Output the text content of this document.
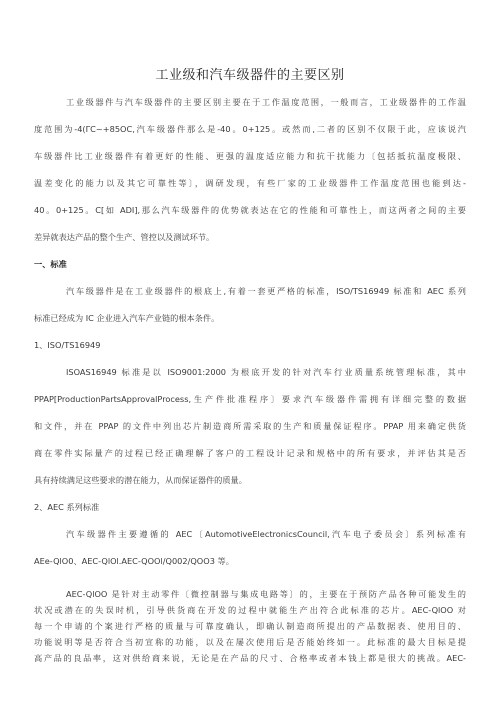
工业级和汽车级器件的主要区别
工业级器件与汽车级器件的主要区别主要在于工作温度范围，一般而言，工业级器件的工作温
度范围为-4(ΓC~+85OC,汽车级器件那么是-40。0+125。或然而,二者的区别不仅限于此，应该说汽
车级器件比工业级器件有着更好的性能、更强的温度适应能力和抗干扰能力〔包括抵抗温度极限、
温差变化的能力以及其它可靠性等〕，调研发现，有些厂家的工业级器件工作温度范围也能到达-
40。0+125。C[如 ADI],那么汽车级器件的优势就表达在它的性能和可靠性上，而这两者之间的主要
差异就表达产品的整个生产、管控以及测试环节。
一、标准
汽车级器件是在工业级器件的根底上,有着一套更严格的标准，ISO/TS16949 标准和 AEC 系列
标准已经成为 IC 企业进入汽车产业链的根本条件。
1、ISO/TS16949
ISOAS16949 标准是以 ISO9001:2000 为根底开发的针对汽车行业质量系统管理标准，其中
PPAP[ProductionPartsApprovalProcess,生产件批准程序〕要求汽车级器件需拥有详细完整的数据
和文件，并在 PPAP 的文件中列出芯片制造商所需采取的生产和质量保证程序。PPAP 用来确定供货
商在零件实际量产的过程已经正确理解了客户的工程设计记录和规格中的所有要求，并评估其是否
具有持续满足这些要求的潜在能力，从而保证器件的质量。
2、AEC 系列标准
汽车级器件主要遵循的 AEC〔AutomotiveElectronicsCouncil,汽车电子委员会〕系列标准有
AEe-QlO0、AEC-QlOl.AEC-QOOl∕Q002∕QOO3 等。
AEC-QlOO 是针对主动零件〔微控制器与集成电路等〕的，主要在于预防产品各种可能发生的
状况或潜在的失误时机，引导供货商在开发的过程中就能生产出符合此标准的芯片。AEC-QlOO 对
每一个申请的个案进行严格的质量与可靠度确认，即确认制造商所提出的产品数据表、使用目的、
功能说明等是否符合当初宣称的功能，以及在屡次使用后是否能始终如一。此标准的最大目标是提
高产品的良品率，这对供给商来说，无论是在产品的尺寸、合格率或者本钱上都是很大的挑战。AEC-
